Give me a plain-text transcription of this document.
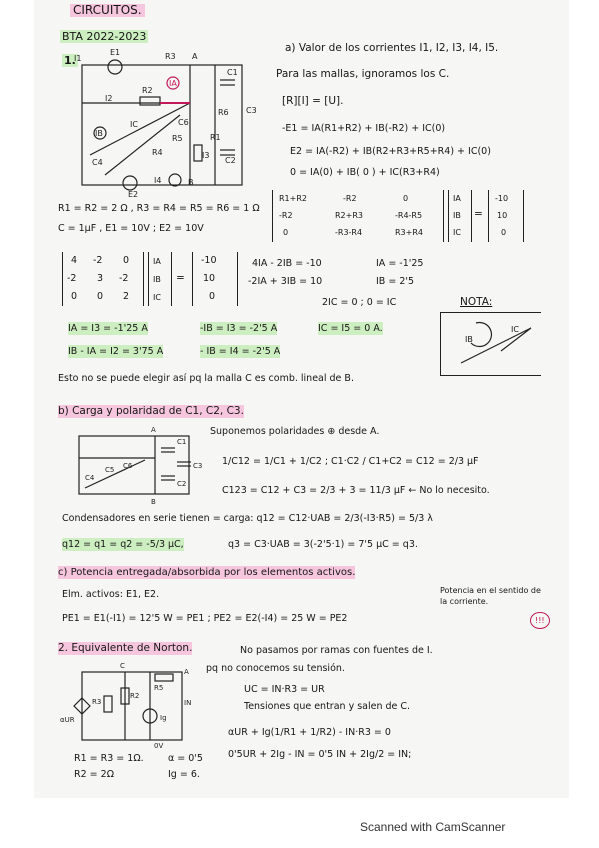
CIRCUITOS.
BTA 2022-2023
1.
I1
E1	R3 A
C1
R2
IA
I2
R6 C3
IB
C6
IC
R4
R5
C2
I3
C4
I4
E2
B
R1
a) Valor de los corrientes I1, I2, I3, I4, I5.
Para las mallas, ignoramos los C.
[R][I] = [U].
-E1 = IA(R1+R2) + IB(-R2) + IC(0)
E2 = IA(-R2) + IB(R2+R3+R5+R4) + IC(0)
0 = IA(0) + IB( 0 ) + IC(R3+R4)
R1 = R2 = 2 Ω , R3 = R4 = R5 = R6 = 1 Ω
C = 1μF , E1 = 10V ; E2 = 10V
R1+R2	-R2	0
-R2	R2+R3	-R4-R5
0	-R3-R4	R3+R4
IA
IB
IC
=
-10
10
0
4 -2 0
-2 3 -2
0 0 2
IA
IB
IC
=
-10
10
0
4IA - 2IB = -10
-2IA + 3IB = 10
2IC = 0 ; 0 = IC
IA = -1'25
IB = 2'5
NOTA:
IB
IC
IA = I3 = -1'25 A	-IB = I3 = -2'5 A	IC = I5 = 0 A.
IB - IA = I2 = 3'75 A	- IB = I4 = -2'5 A
Esto no se puede elegir así pq la malla C es comb. lineal de B.
b) Carga y polaridad de C1, C2, C3.
A
B
C1
C2
C3
C4
C5 C6
Suponemos polaridades ⊕ desde A.
1/C12 = 1/C1 + 1/C2 ; C1·C2 / C1+C2 = C12 = 2/3 μF
C123 = C12 + C3 = 2/3 + 3 = 11/3 μF ← No lo necesito.
Condensadores en serie tienen = carga: q12 = C12·UAB = 2/3(-I3·R5) = 5/3 λ
q12 = q1 = q2 = -5/3 μC,	q3 = C3·UAB = 3(-2'5·1) = 7'5 μC = q3.
c) Potencia entregada/absorbida por los elementos activos.
Elm. activos: E1, E2.	Potencia en el sentido de la corriente.
PE1 = E1(-I1) = 12'5 W = PE1 ; PE2 = E2(-I4) = 25 W = PE2	!!!
2. Equivalente de Norton.	No pasamos por ramas con fuentes de I.
pq no conocemos su tensión.
C
A
R5
R2
R3
Ig
IN
0V
αUR
UC = IN·R3 = UR
Tensiones que entran y salen de C.
αUR + Ig(1/R1 + 1/R2) - IN·R3 = 0
0'5UR + 2Ig - IN = 0'5 IN + 2Ig/2 = IN;
R1 = R3 = 1Ω.
R2 = 2Ω
α = 0'5
Ig = 6.
Scanned with CamScanner
